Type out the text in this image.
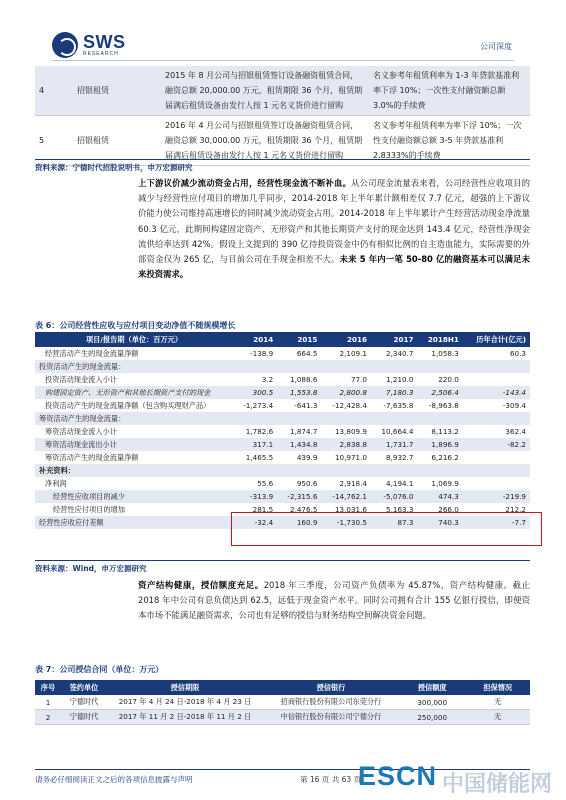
SWS
RESEARCH
公司深度
4	招银租赁	2015 年 8 月公司与招银租赁签订设备融资租赁合同，融资总额 20,000.00 万元，租赁期限 36 个月，租赁期届满后租赁设备由发行人按 1 元名义货价进行留购	名义参考年租赁利率为 1-3 年贷款基准利率下浮 10%；一次性支付融资额总额 3.0%的手续费
5	招银租赁	2016 年 4 月公司与招银租赁签订设备融资租赁合同，融资总额 30,000.00 万元，租赁期限 36 个月，租赁期届满后租赁设备由发行人按 1 元名义货价进行留购	名义参考年租赁利率为率下浮 10%；一次性支付融资额总额 3-5 年贷款基准利 2.8333%的手续费
资料来源：宁德时代招股说明书，申万宏源研究
上下游议价减少流动资金占用，经营性现金流不断补血。从公司现金流量表来看，公司经营性应收项目的减少与经营性应付项目的增加几乎同步，2014-2018 年上半年累计额相差仅 7.7 亿元，超强的上下游议价能力使公司维持高速增长的同时减少流动资金占用。2014-2018 年上半年累计产生经营活动现金净流量 60.3 亿元，此期间构建固定资产、无形资产和其他长期资产支付的现金达到 143.4 亿元，经营性净现金流供给率达到 42%。假设上文提到的 390 亿待投资资金中仍有相似比例的自主造血能力，实际需要的外部资金仅为 265 亿，与目前公司在手现金相差不大。未来 5 年内一笔 50-80 亿的融资基本可以满足未来投资需求。
表 6：公司经营性应收与应付项目变动净值不随规模增长
项目/报告期（单位：百万元）	2014	2015	2016	2017	2018H1	历年合计(亿元)
经营活动产生的现金流量净额	-138.9	664.5	2,109.1	2,340.7	1,058.3	60.3
投资活动产生的现金流量：						
投资活动现金流入小计	3.2	1,088.6	77.0	1,210.0	220.0	
购建固定资产、无形资产和其他长期资产支付的现金	300.5	1,553.8	2,800.8	7,180.3	2,506.4	-143.4
投资活动产生的现金流量净额（包含购买理财产品）	-1,273.4	-641.3	-12,428.4	-7,635.8	-8,963.8	-309.4
筹资活动产生的现金流量：						
筹资活动现金流入小计	1,782.6	1,874.7	13,809.9	10,664.4	8,113.2	362.4
筹资活动现金流出小计	317.1	1,434.8	2,838.8	1,731.7	1,896.9	-82.2
筹资活动产生的现金流量净额	1,465.5	439.9	10,971.0	8,932.7	6,216.2	
补充资料：						
净利润	55.6	950.6	2,918.4	4,194.1	1,069.9	
经营性应收项目的减少	-313.9	-2,315.6	-14,762.1	-5,076.0	474.3	-219.9
经营性应付项目的增加	281.5	2,476.5	13,031.6	5,163.3	266.0	212.2
经营性应收应付差额	-32.4	160.9	-1,730.5	87.3	740.3	-7.7
资料来源：Wind，申万宏源研究
资产结构健康，授信额度充足。2018 年三季度，公司资产负债率为 45.87%，资产结构健康。截止 2018 年中公司有息负债达到 62.5，远低于现金资产水平。同时公司拥有合计 155 亿银行授信，即便资本市场不能满足融资需求，公司也有足够的授信与财务结构空间解决资金问题。
表 7：公司授信合同（单位：万元）
序号	签约单位	授信期限	授信银行	授信额度	担保情况
1	宁德时代	2017 年 4 月 24 日-2018 年 4 月 23 日	招商银行股份有限公司东莞分行	300,000	无
2	宁德时代	2017 年 11 月 2 日-2018 年 11 月 2 日	中信银行股份有限公司宁德分行	250,000	无
请务必仔细阅读正文之后的各项信息披露与声明	第 16 页 共 63 页
ESCN 中国储能网
